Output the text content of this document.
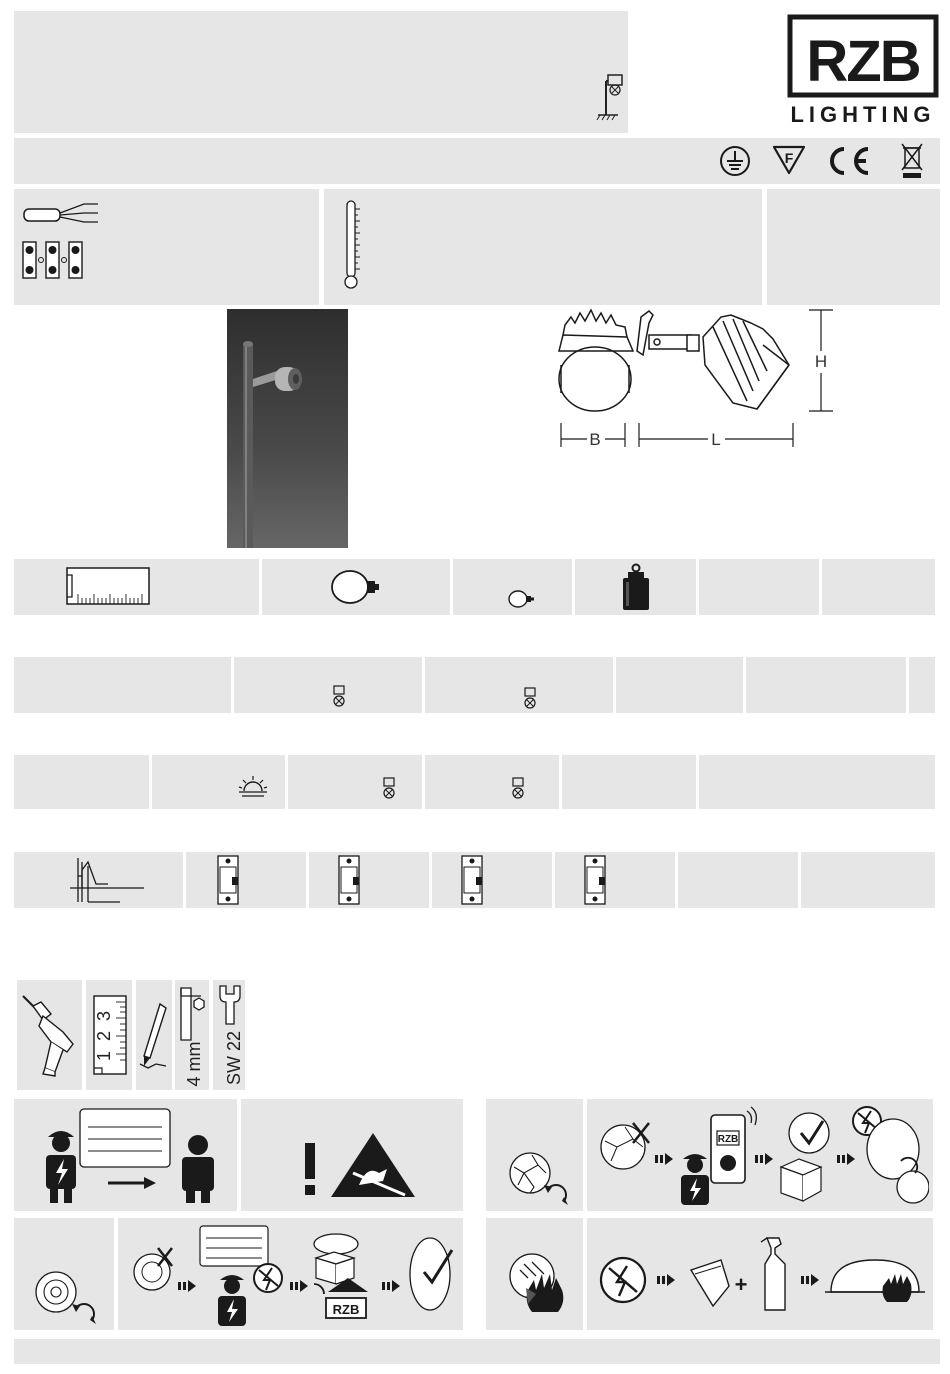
RZB
LIGHTING
F
B	L
H
1
2
3
4 mm SW 22
RZB
RZB
+
